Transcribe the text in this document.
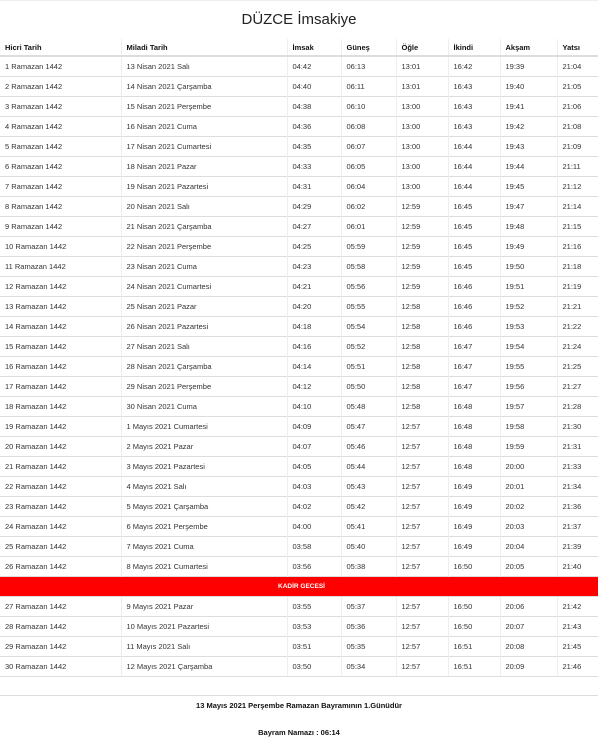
DÜZCE İmsakiye
Hicri Tarih	Miladi Tarih	İmsak	Güneş	Öğle	İkindi	Akşam	Yatsı
1 Ramazan 1442	13 Nisan 2021 Salı	04:42	06:13	13:01	16:42	19:39	21:04
2 Ramazan 1442	14 Nisan 2021 Çarşamba	04:40	06:11	13:01	16:43	19:40	21:05
3 Ramazan 1442	15 Nisan 2021 Perşembe	04:38	06:10	13:00	16:43	19:41	21:06
4 Ramazan 1442	16 Nisan 2021 Cuma	04:36	06:08	13:00	16:43	19:42	21:08
5 Ramazan 1442	17 Nisan 2021 Cumartesi	04:35	06:07	13:00	16:44	19:43	21:09
6 Ramazan 1442	18 Nisan 2021 Pazar	04:33	06:05	13:00	16:44	19:44	21:11
7 Ramazan 1442	19 Nisan 2021 Pazartesi	04:31	06:04	13:00	16:44	19:45	21:12
8 Ramazan 1442	20 Nisan 2021 Salı	04:29	06:02	12:59	16:45	19:47	21:14
9 Ramazan 1442	21 Nisan 2021 Çarşamba	04:27	06:01	12:59	16:45	19:48	21:15
10 Ramazan 1442	22 Nisan 2021 Perşembe	04:25	05:59	12:59	16:45	19:49	21:16
11 Ramazan 1442	23 Nisan 2021 Cuma	04:23	05:58	12:59	16:45	19:50	21:18
12 Ramazan 1442	24 Nisan 2021 Cumartesi	04:21	05:56	12:59	16:46	19:51	21:19
13 Ramazan 1442	25 Nisan 2021 Pazar	04:20	05:55	12:58	16:46	19:52	21:21
14 Ramazan 1442	26 Nisan 2021 Pazartesi	04:18	05:54	12:58	16:46	19:53	21:22
15 Ramazan 1442	27 Nisan 2021 Salı	04:16	05:52	12:58	16:47	19:54	21:24
16 Ramazan 1442	28 Nisan 2021 Çarşamba	04:14	05:51	12:58	16:47	19:55	21:25
17 Ramazan 1442	29 Nisan 2021 Perşembe	04:12	05:50	12:58	16:47	19:56	21:27
18 Ramazan 1442	30 Nisan 2021 Cuma	04:10	05:48	12:58	16:48	19:57	21:28
19 Ramazan 1442	1 Mayıs 2021 Cumartesi	04:09	05:47	12:57	16:48	19:58	21:30
20 Ramazan 1442	2 Mayıs 2021 Pazar	04:07	05:46	12:57	16:48	19:59	21:31
21 Ramazan 1442	3 Mayıs 2021 Pazartesi	04:05	05:44	12:57	16:48	20:00	21:33
22 Ramazan 1442	4 Mayıs 2021 Salı	04:03	05:43	12:57	16:49	20:01	21:34
23 Ramazan 1442	5 Mayıs 2021 Çarşamba	04:02	05:42	12:57	16:49	20:02	21:36
24 Ramazan 1442	6 Mayıs 2021 Perşembe	04:00	05:41	12:57	16:49	20:03	21:37
25 Ramazan 1442	7 Mayıs 2021 Cuma	03:58	05:40	12:57	16:49	20:04	21:39
26 Ramazan 1442	8 Mayıs 2021 Cumartesi	03:56	05:38	12:57	16:50	20:05	21:40
KADİR GECESİ							
27 Ramazan 1442	9 Mayıs 2021 Pazar	03:55	05:37	12:57	16:50	20:06	21:42
28 Ramazan 1442	10 Mayıs 2021 Pazartesi	03:53	05:36	12:57	16:50	20:07	21:43
29 Ramazan 1442	11 Mayıs 2021 Salı	03:51	05:35	12:57	16:51	20:08	21:45
30 Ramazan 1442	12 Mayıs 2021 Çarşamba	03:50	05:34	12:57	16:51	20:09	21:46
13 Mayıs 2021 Perşembe Ramazan Bayramının 1.Günüdür
Bayram Namazı : 06:14
